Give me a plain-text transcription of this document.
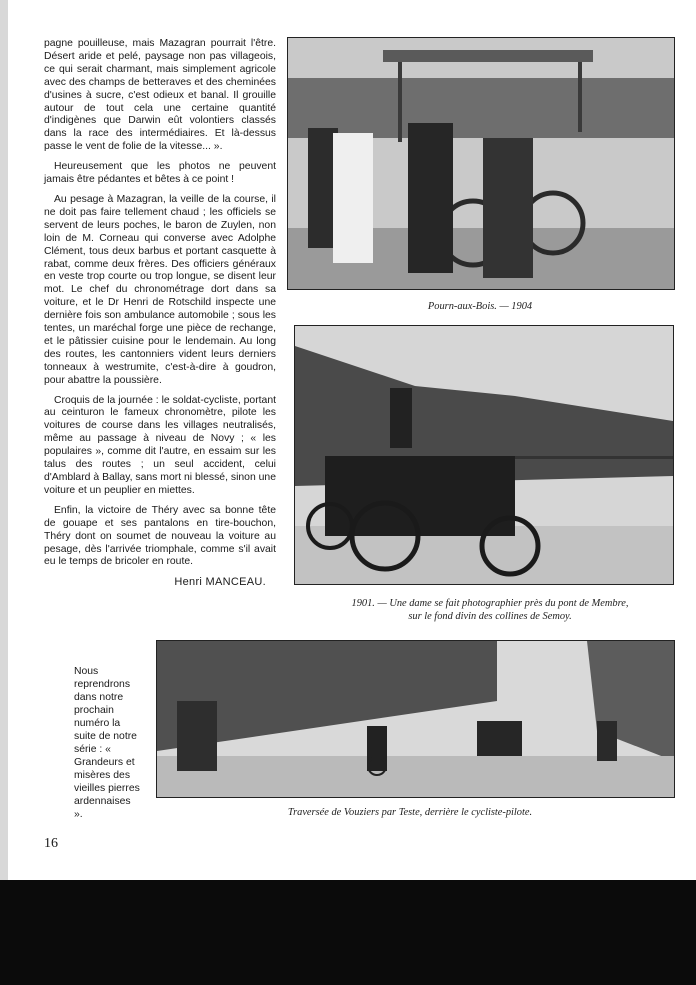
pagne pouilleuse, mais Mazagran pourrait l'être. Désert aride et pelé, paysage non pas villageois, ce qui serait charmant, mais simplement agricole avec des champs de betteraves et des cheminées d'usines à sucre, c'est odieux et banal. Il grouille autour de tout cela une certaine quantité d'indigènes que Darwin eût volontiers classés dans la race des intermédiaires. Et là-dessus passe le vent de folie de la vitesse... ».

Heureusement que les photos ne peuvent jamais être pédantes et bêtes à ce point !

Au pesage à Mazagran, la veille de la course, il ne doit pas faire tellement chaud ; les officiels se servent de leurs poches, le baron de Zuylen, non loin de M. Corneau qui converse avec Adolphe Clément, tous deux barbus et portant casquette à rabat, comme deux frères. Des officiers généraux en veste trop courte ou trop longue, se disent leur mot. Le chef du chronométrage dort dans sa voiture, et le Dr Henri de Rotschild inspecte une dernière fois son ambulance automobile ; sous les tentes, un maréchal forge une pièce de rechange, et le pâtissier cuisine pour le lendemain. Au long des routes, les cantonniers vident leurs derniers tonneaux à westrumite, c'est-à-dire à goudron, pour abattre la poussière.

Croquis de la journée : le soldat-cycliste, portant au ceinturon le fameux chronomètre, pilote les voitures de course dans les villages neutralisés, même au passage à niveau de Novy ; « les populaires », comme dit l'autre, en essaim sur les talus des routes ; un seul accident, celui d'Amblard à Ballay, sans mort ni blessé, sinon une voiture et un peuplier en miettes.

Enfin, la victoire de Théry avec sa bonne tête de gouape et ses pantalons en tire-bouchon, Théry dont on soumet de nouveau la voiture au pesage, dès l'arrivée triomphale, comme s'il avait eu le temps de bricoler en route.

Henri MANCEAU.
Pourn-aux-Bois. — 1904
1901. — Une dame se fait photographier près du pont de Membre,
sur le fond divin des collines de Semoy.
Nous reprendrons dans notre prochain numéro la suite de notre série : « Grandeurs et misères des vieilles pierres ardennaises ».	Traversée de Vouziers par Teste, derrière le cycliste-pilote.
16
